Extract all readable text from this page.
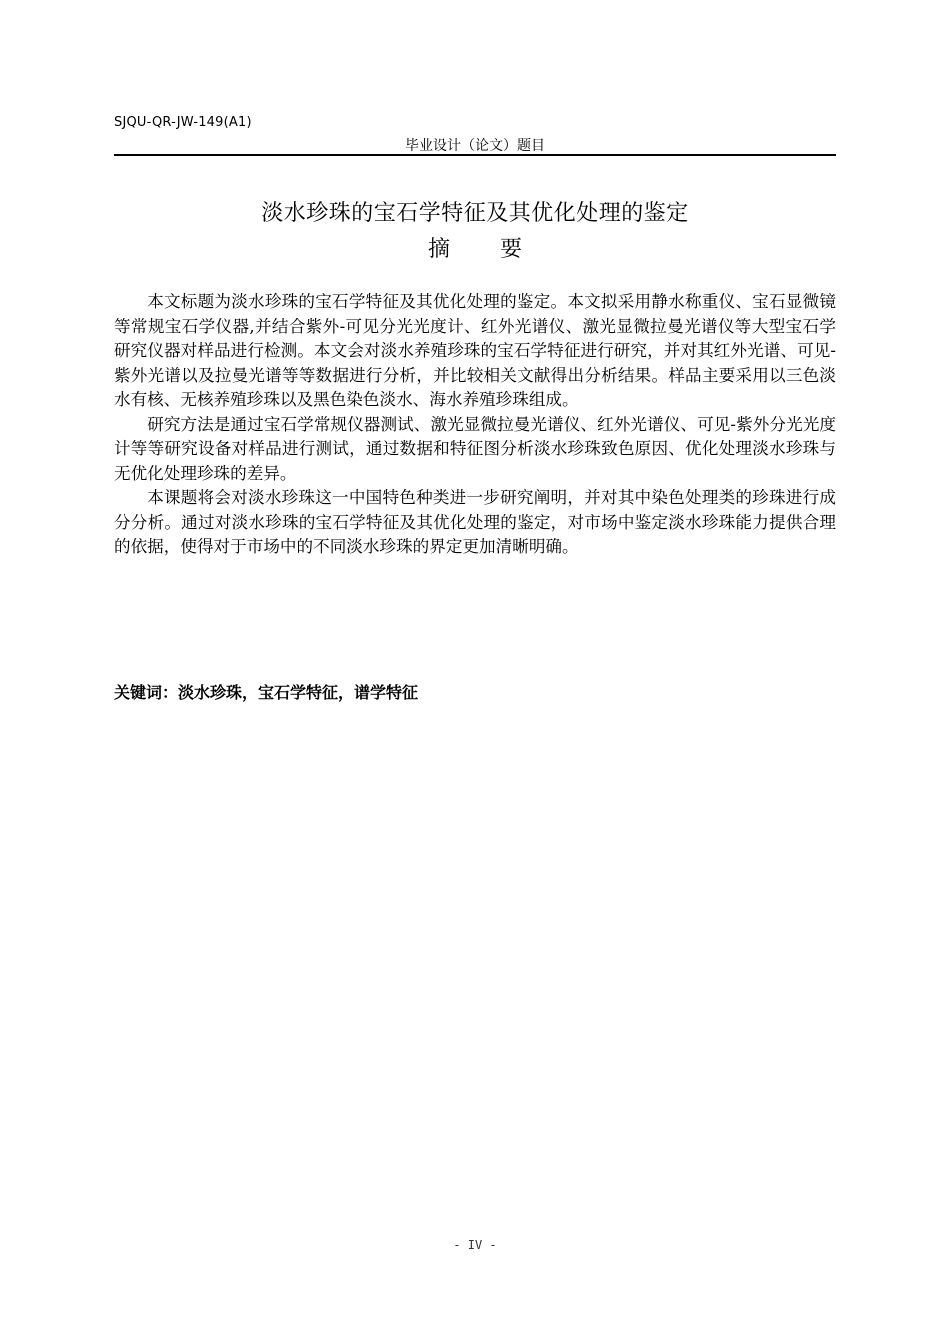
SJQU-QR-JW-149(A1)
毕业设计（论文）题目
淡水珍珠的宝石学特征及其优化处理的鉴定
摘 要

本文标题为淡水珍珠的宝石学特征及其优化处理的鉴定。本文拟采用静水称重仪、宝石显微镜等常规宝石学仪器,并结合紫外-可见分光光度计、红外光谱仪、激光显微拉曼光谱仪等大型宝石学研究仪器对样品进行检测。本文会对淡水养殖珍珠的宝石学特征进行研究，并对其红外光谱、可见-紫外光谱以及拉曼光谱等等数据进行分析，并比较相关文献得出分析结果。样品主要采用以三色淡水有核、无核养殖珍珠以及黑色染色淡水、海水养殖珍珠组成。

研究方法是通过宝石学常规仪器测试、激光显微拉曼光谱仪、红外光谱仪、可见-紫外分光光度计等等研究设备对样品进行测试，通过数据和特征图分析淡水珍珠致色原因、优化处理淡水珍珠与无优化处理珍珠的差异。

本课题将会对淡水珍珠这一中国特色种类进一步研究阐明，并对其中染色处理类的珍珠进行成分分析。通过对淡水珍珠的宝石学特征及其优化处理的鉴定，对市场中鉴定淡水珍珠能力提供合理的依据，使得对于市场中的不同淡水珍珠的界定更加清晰明确。

关键词：淡水珍珠，宝石学特征，谱学特征
- IV -
